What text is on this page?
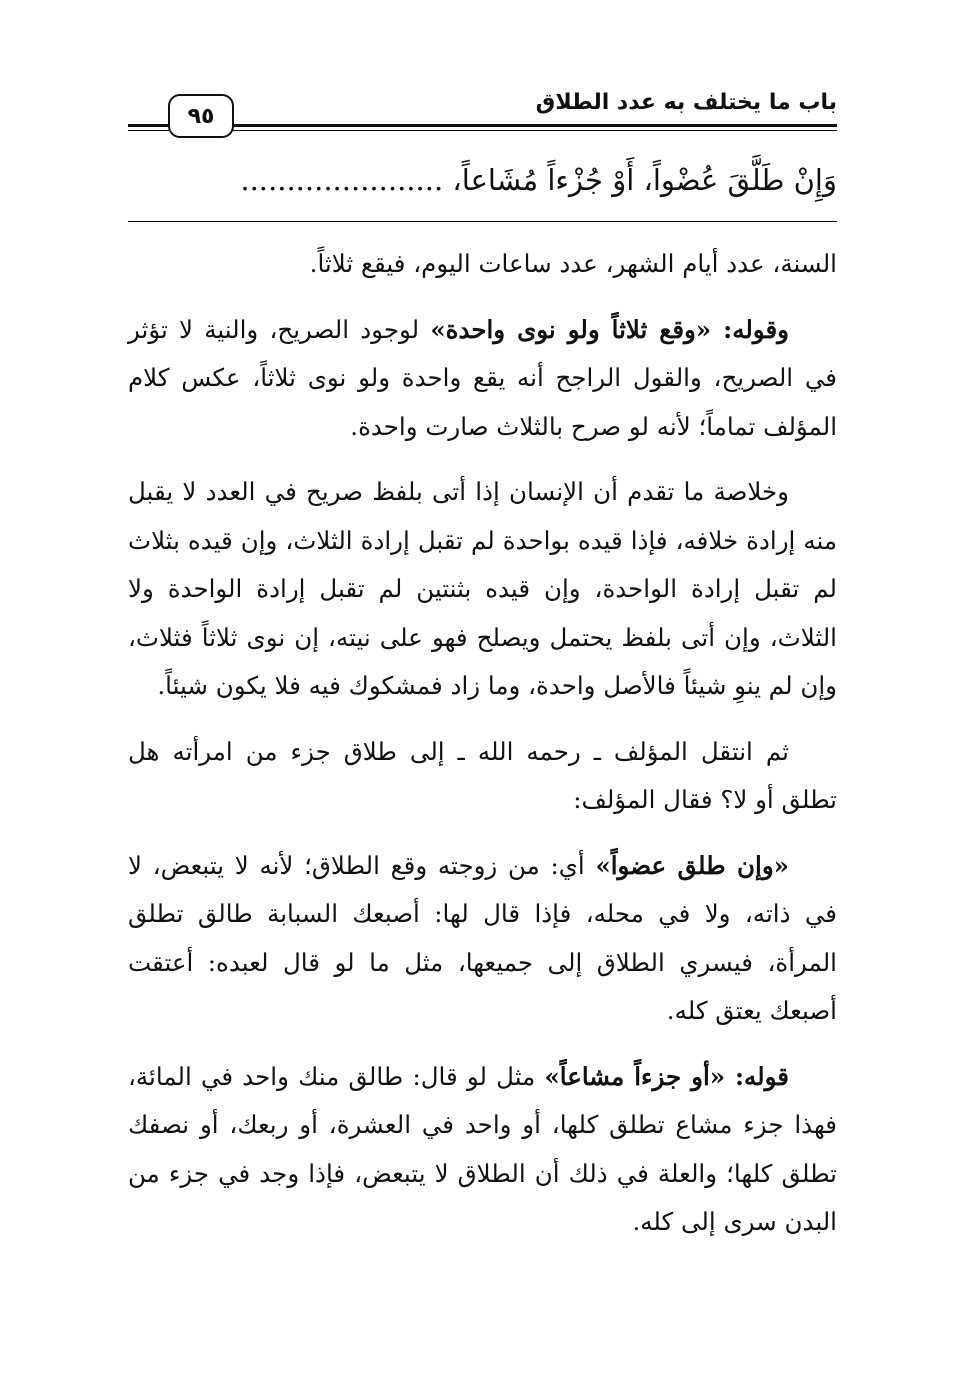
باب ما يختلف به عدد الطلاق
٩٥
وَإِنْ طَلَّقَ عُضْواً، أَوْ جُزْءاً مُشَاعاً، ......................

السنة، عدد أيام الشهر، عدد ساعات اليوم، فيقع ثلاثاً.

وقوله: «وقع ثلاثاً ولو نوى واحدة» لوجود الصريح، والنية لا تؤثر في الصريح، والقول الراجح أنه يقع واحدة ولو نوى ثلاثاً، عكس كلام المؤلف تماماً؛ لأنه لو صرح بالثلاث صارت واحدة.

وخلاصة ما تقدم أن الإنسان إذا أتى بلفظ صريح في العدد لا يقبل منه إرادة خلافه، فإذا قيده بواحدة لم تقبل إرادة الثلاث، وإن قيده بثلاث لم تقبل إرادة الواحدة، وإن قيده بثنتين لم تقبل إرادة الواحدة ولا الثلاث، وإن أتى بلفظ يحتمل ويصلح فهو على نيته، إن نوى ثلاثاً فثلاث، وإن لم ينوِ شيئاً فالأصل واحدة، وما زاد فمشكوك فيه فلا يكون شيئاً.

ثم انتقل المؤلف ـ رحمه الله ـ إلى طلاق جزء من امرأته هل تطلق أو لا؟ فقال المؤلف:

«وإن طلق عضواً» أي: من زوجته وقع الطلاق؛ لأنه لا يتبعض، لا في ذاته، ولا في محله، فإذا قال لها: أصبعك السبابة طالق تطلق المرأة، فيسري الطلاق إلى جميعها، مثل ما لو قال لعبده: أعتقت أصبعك يعتق كله.

قوله: «أو جزءاً مشاعاً» مثل لو قال: طالق منك واحد في المائة، فهذا جزء مشاع تطلق كلها، أو واحد في العشرة، أو ربعك، أو نصفك تطلق كلها؛ والعلة في ذلك أن الطلاق لا يتبعض، فإذا وجد في جزء من البدن سرى إلى كله.
